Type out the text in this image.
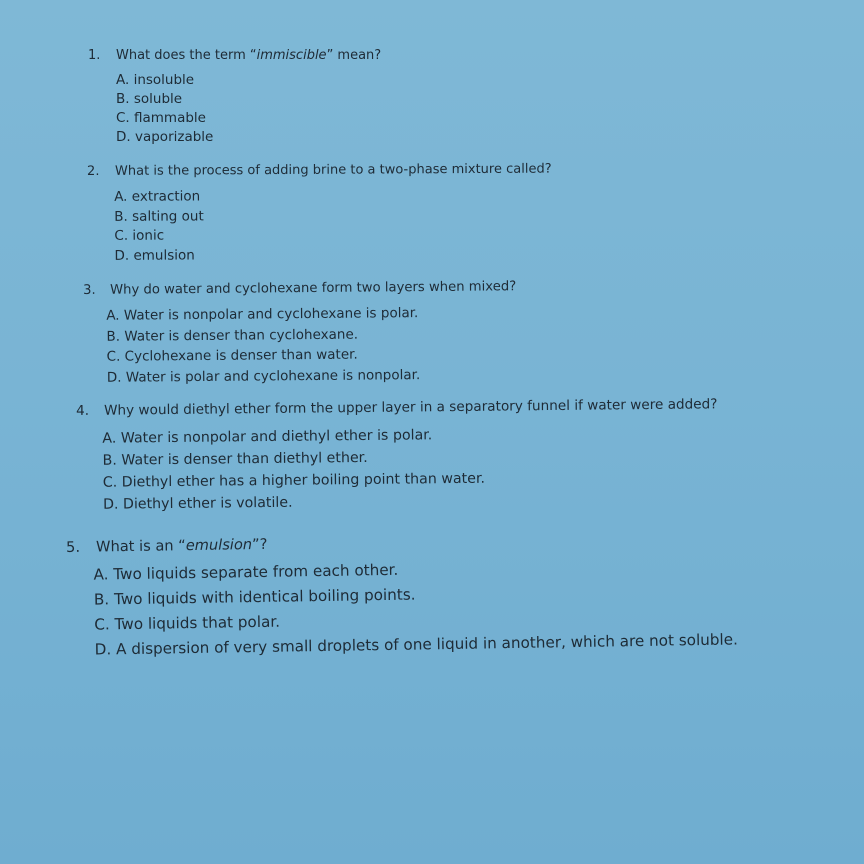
1. What does the term “immiscible” mean?
A. insoluble
B. soluble
C. flammable
D. vaporizable
2. What is the process of adding brine to a two-phase mixture called?
A. extraction
B. salting out
C. ionic
D. emulsion
3. Why do water and cyclohexane form two layers when mixed?
A. Water is nonpolar and cyclohexane is polar.
B. Water is denser than cyclohexane.
C. Cyclohexane is denser than water.
D. Water is polar and cyclohexane is nonpolar.
4. Why would diethyl ether form the upper layer in a separatory funnel if water were added?
A. Water is nonpolar and diethyl ether is polar.
B. Water is denser than diethyl ether.
C. Diethyl ether has a higher boiling point than water.
D. Diethyl ether is volatile.
5. What is an “emulsion”?
A. Two liquids separate from each other.
B. Two liquids with identical boiling points.
C. Two liquids that polar.
D. A dispersion of very small droplets of one liquid in another, which are not soluble.
